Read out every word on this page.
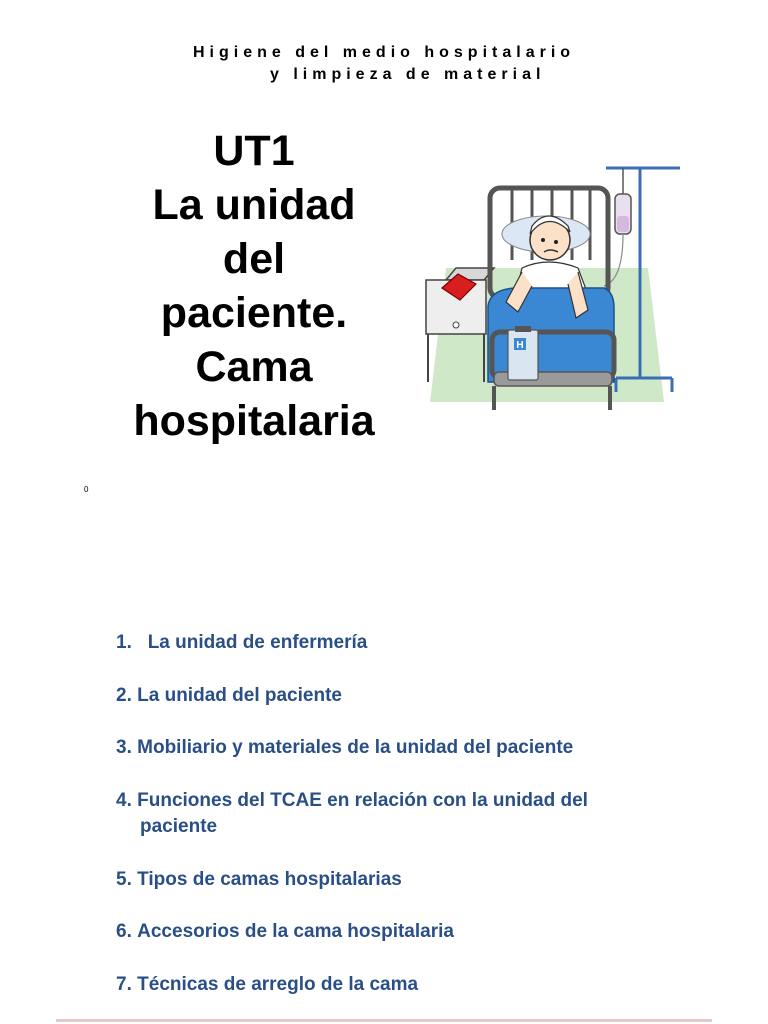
Higiene del medio hospitalario
y limpieza de material
UT1
La unidad
del
paciente.
Cama
hospitalaria
H
0
1. La unidad de enfermería
2. La unidad del paciente
3. Mobiliario y materiales de la unidad del paciente
4. Funciones del TCAE en relación con la unidad del
paciente
5. Tipos de camas hospitalarias
6. Accesorios de la cama hospitalaria
7. Técnicas de arreglo de la cama
